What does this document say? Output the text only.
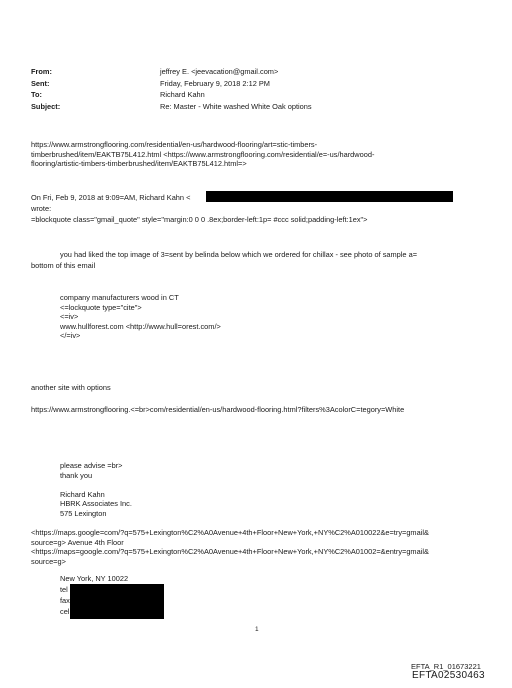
From:	jeffrey E. <jeevacation@gmail.com>
Sent:	Friday, February 9, 2018 2:12 PM
To:	Richard Kahn
Subject:	Re: Master - White washed White Oak options
https://www.armstrongflooring.com/residential/en-us/hardwood-flooring/art=stic-timbers-
timberbrushed/item/EAKTB75L412.html <https://www.armstrongflooring.com/residential/e=-us/hardwood-
flooring/artistic-timbers-timberbrushed/item/EAKTB75L412.html=>
On Fri, Feb 9, 2018 at 9:09=AM, Richard Kahn <
wrote:
=blockquote class="gmail_quote" style="margin:0 0 0 .8ex;border-left:1p= #ccc solid;padding-left:1ex">
you had liked the top image of 3=sent by belinda below which we ordered for chillax - see photo of sample a=
bottom of this email
company manufacturers wood in CT
<=lockquote type="cite">
<=iv>
www.hullforest.com <http://www.hull=orest.com/>
</=iv>
another site with options
https://www.armstrongflooring.<=br>com/residential/en-us/hardwood-flooring.html?filters%3AcolorC=tegory=White
please advise =br>
thank you
Richard Kahn
HBRK Associates Inc.
575 Lexington
<https://maps.google=com/?q=575+Lexington%C2%A0Avenue+4th+Floor+New+York,+NY%C2%A010022&e=try=gmail&
source=g> Avenue 4th Floor
<https://maps=google.com/?q=575+Lexington%C2%A0Avenue+4th+Floor+New+York,+NY%C2%A01002=&entry=gmail&
source=g>
New York, NY 10022
tel
fax
cel
1
EFTA_R1_01673221
EFTA02530463
